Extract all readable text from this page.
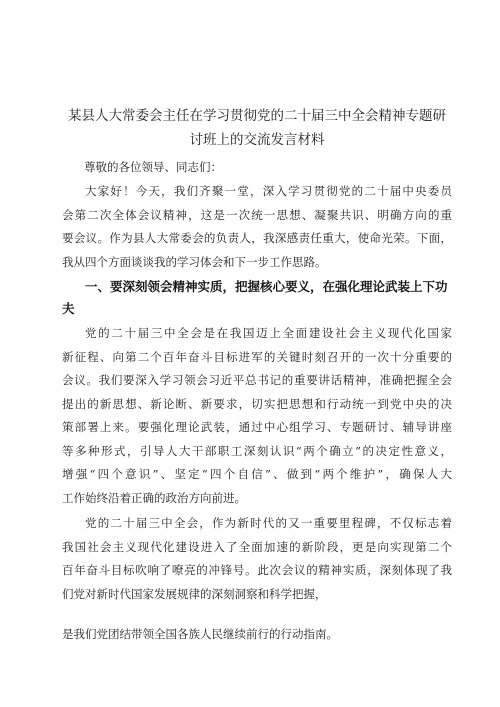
某县人大常委会主任在学习贯彻党的二十届三中全会精神专题研
讨班上的交流发言材料
尊敬的各位领导、同志们：

大家好！今天，我们齐聚一堂，深入学习贯彻党的二十届中央委员
会第二次全体会议精神，这是一次统一思想、凝聚共识、明确方向的重
要会议。作为县人大常委会的负责人，我深感责任重大，使命光荣。下面，
我从四个方面谈谈我的学习体会和下一步工作思路。

一、要深刻领会精神实质，把握核心要义，在强化理论武装上下功
夫

党的二十届三中全会是在我国迈上全面建设社会主义现代化国家
新征程、向第二个百年奋斗目标进军的关键时刻召开的一次十分重要的
会议。我们要深入学习领会习近平总书记的重要讲话精神，准确把握全会
提出的新思想、新论断、新要求，切实把思想和行动统一到党中央的决
策部署上来。要强化理论武装，通过中心组学习、专题研讨、辅导讲座
等多种形式，引导人大干部职工深刻认识“两个确立”的决定性意义，
增强“四个意识”、坚定“四个自信”、做到“两个维护”，确保人大
工作始终沿着正确的政治方向前进。

党的二十届三中全会，作为新时代的又一重要里程碑，不仅标志着
我国社会主义现代化建设进入了全面加速的新阶段，更是向实现第二个
百年奋斗目标吹响了嘹亮的冲锋号。此次会议的精神实质，深刻体现了我
们党对新时代国家发展规律的深刻洞察和科学把握，

是我们党团结带领全国各族人民继续前行的行动指南。
